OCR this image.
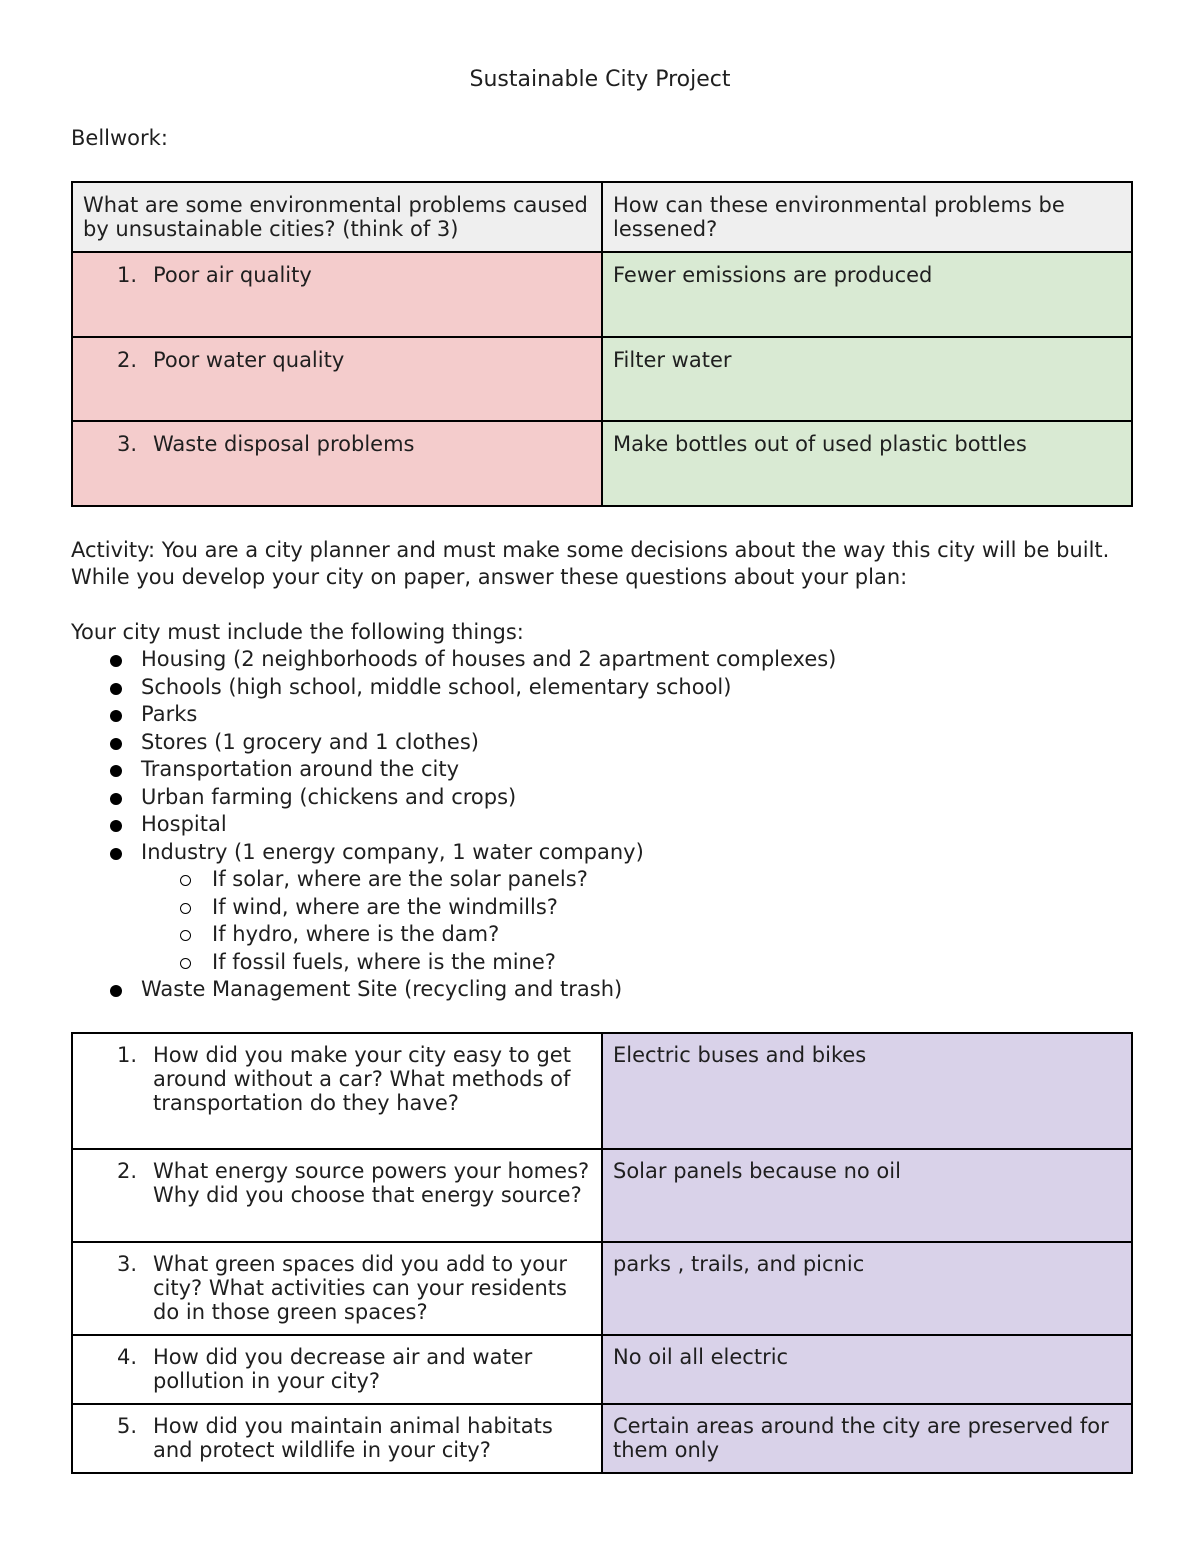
Sustainable City Project
Bellwork:
What are some environmental problems caused by unsustainable cities? (think of 3)	How can these environmental problems be lessened?

1. Poor air quality	Fewer emissions are produced

2. Poor water quality	Filter water

3. Waste disposal problems	Make bottles out of used plastic bottles
Activity: You are a city planner and must make some decisions about the way this city will be built. While you develop your city on paper, answer these questions about your plan:
Your city must include the following things:
Housing (2 neighborhoods of houses and 2 apartment complexes)
Schools (high school, middle school, elementary school)
Parks
Stores (1 grocery and 1 clothes)
Transportation around the city
Urban farming (chickens and crops)
Hospital
Industry (1 energy company, 1 water company)
If solar, where are the solar panels?
If wind, where are the windmills?
If hydro, where is the dam?
If fossil fuels, where is the mine?
Waste Management Site (recycling and trash)
1. How did you make your city easy to get around without a car? What methods of transportation do they have?	Electric buses and bikes

2. What energy source powers your homes? Why did you choose that energy source?	Solar panels because no oil

3. What green spaces did you add to your city? What activities can your residents do in those green spaces?	parks , trails, and picnic

4. How did you decrease air and water pollution in your city?	No oil all electric

5. How did you maintain animal habitats and protect wildlife in your city?	Certain areas around the city are preserved for them only
